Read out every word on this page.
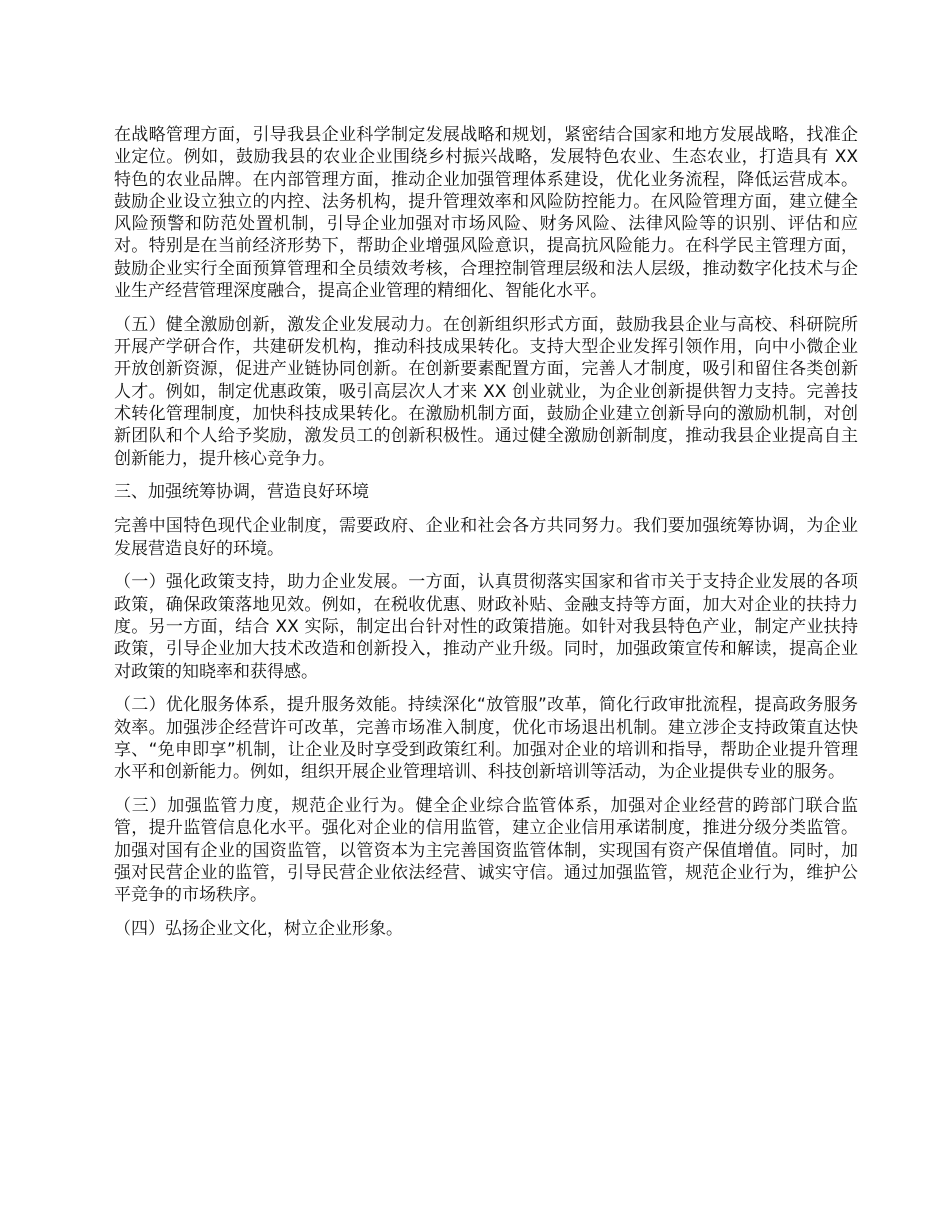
在战略管理方面，引导我县企业科学制定发展战略和规划，紧密结合国家和地方发展战略，找准企业定位。例如，鼓励我县的农业企业围绕乡村振兴战略，发展特色农业、生态农业，打造具有 XX 特色的农业品牌。在内部管理方面，推动企业加强管理体系建设，优化业务流程，降低运营成本。鼓励企业设立独立的内控、法务机构，提升管理效率和风险防控能力。在风险管理方面，建立健全风险预警和防范处置机制，引导企业加强对市场风险、财务风险、法律风险等的识别、评估和应对。特别是在当前经济形势下，帮助企业增强风险意识，提高抗风险能力。在科学民主管理方面，鼓励企业实行全面预算管理和全员绩效考核，合理控制管理层级和法人层级，推动数字化技术与企业生产经营管理深度融合，提高企业管理的精细化、智能化水平。

（五）健全激励创新，激发企业发展动力。在创新组织形式方面，鼓励我县企业与高校、科研院所开展产学研合作，共建研发机构，推动科技成果转化。支持大型企业发挥引领作用，向中小微企业开放创新资源，促进产业链协同创新。在创新要素配置方面，完善人才制度，吸引和留住各类创新人才。例如，制定优惠政策，吸引高层次人才来 XX 创业就业，为企业创新提供智力支持。完善技术转化管理制度，加快科技成果转化。在激励机制方面，鼓励企业建立创新导向的激励机制，对创新团队和个人给予奖励，激发员工的创新积极性。通过健全激励创新制度，推动我县企业提高自主创新能力，提升核心竞争力。

三、加强统筹协调，营造良好环境

完善中国特色现代企业制度，需要政府、企业和社会各方共同努力。我们要加强统筹协调，为企业发展营造良好的环境。

（一）强化政策支持，助力企业发展。一方面，认真贯彻落实国家和省市关于支持企业发展的各项政策，确保政策落地见效。例如，在税收优惠、财政补贴、金融支持等方面，加大对企业的扶持力度。另一方面，结合 XX 实际，制定出台针对性的政策措施。如针对我县特色产业，制定产业扶持政策，引导企业加大技术改造和创新投入，推动产业升级。同时，加强政策宣传和解读，提高企业对政策的知晓率和获得感。

（二）优化服务体系，提升服务效能。持续深化“放管服”改革，简化行政审批流程，提高政务服务效率。加强涉企经营许可改革，完善市场准入制度，优化市场退出机制。建立涉企支持政策直达快享、“免申即享”机制，让企业及时享受到政策红利。加强对企业的培训和指导，帮助企业提升管理水平和创新能力。例如，组织开展企业管理培训、科技创新培训等活动，为企业提供专业的服务。

（三）加强监管力度，规范企业行为。健全企业综合监管体系，加强对企业经营的跨部门联合监管，提升监管信息化水平。强化对企业的信用监管，建立企业信用承诺制度，推进分级分类监管。加强对国有企业的国资监管，以管资本为主完善国资监管体制，实现国有资产保值增值。同时，加强对民营企业的监管，引导民营企业依法经营、诚实守信。通过加强监管，规范企业行为，维护公平竞争的市场秩序。

（四）弘扬企业文化，树立企业形象。
